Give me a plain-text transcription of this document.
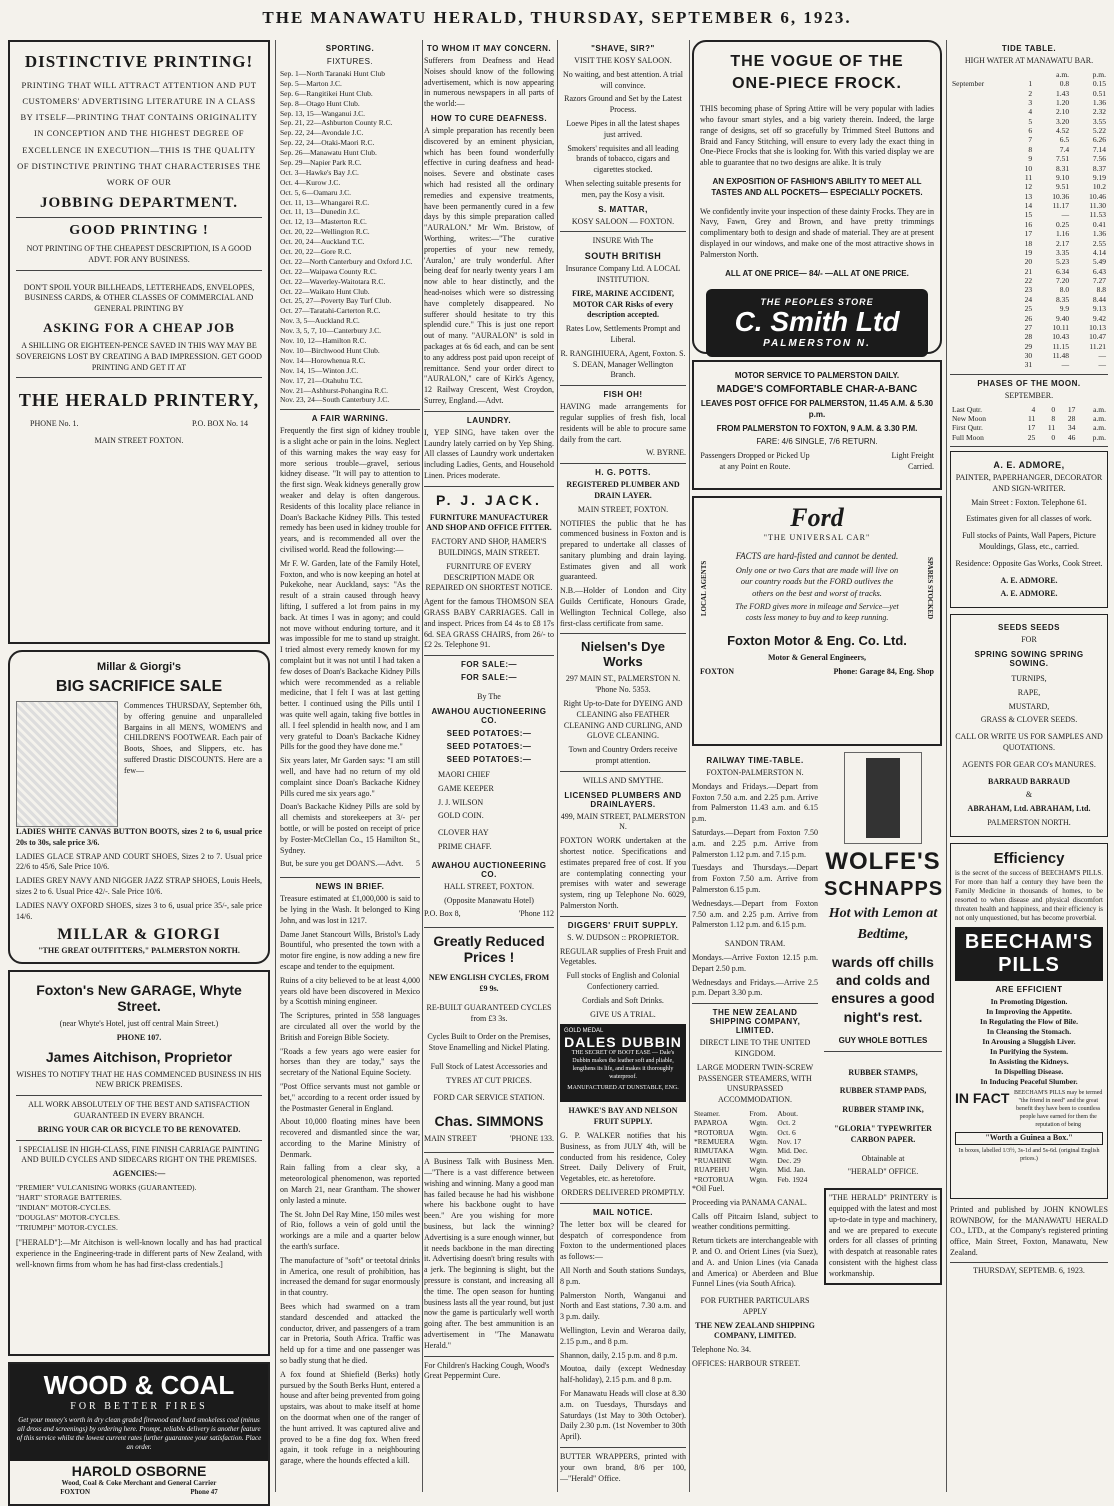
THE MANAWATU HERALD, THURSDAY, SEPTEMBER 6, 1923.
DISTINCTIVE PRINTING!

PRINTING THAT WILL ATTRACT ATTENTION AND PUT CUSTOMERS' ADVERTISING LITERATURE IN A CLASS BY ITSELF—PRINTING THAT CONTAINS ORIGINALITY IN CONCEPTION AND THE HIGHEST DEGREE OF EXCELLENCE IN EXECUTION—THIS IS THE QUALITY OF DISTINCTIVE PRINTING THAT CHARACTERISES THE WORK OF OUR

JOBBING DEPARTMENT.
GOOD PRINTING !

NOT PRINTING OF THE CHEAPEST DESCRIPTION, IS A GOOD ADVT. FOR ANY BUSINESS.

DON'T SPOIL YOUR BILLHEADS, LETTERHEADS, ENVELOPES, BUSINESS CARDS, & OTHER CLASSES OF COMMERCIAL AND GENERAL PRINTING BY

ASKING FOR A CHEAP JOB

A SHILLING OR EIGHTEEN-PENCE SAVED IN THIS WAY MAY BE SOVEREIGNS LOST BY CREATING A BAD IMPRESSION. GET GOOD PRINTING AND GET IT AT

THE HERALD PRINTERY,
PHONE No. 1.	P.O. BOX No. 14

MAIN STREET FOXTON.

Millar & Giorgi's
BIG SACRIFICE SALE

Commences THURSDAY, September 6th, by offering genuine and unparalleled Bargains in all MEN'S, WOMEN'S and CHILDREN'S FOOTWEAR. Each pair of Boots, Shoes, and Slippers, etc. has suffered Drastic DISCOUNTS. Here are a few—

LADIES WHITE CANVAS BUTTON BOOTS, sizes 2 to 6, usual price 20s to 30s, sale price 3/6.

LADIES GLACE STRAP AND COURT SHOES, Sizes 2 to 7. Usual price 22/6 to 45/6, Sale Price 10/6.

LADIES GREY NAVY AND NIGGER JAZZ STRAP SHOES, Louis Heels, sizes 2 to 6. Usual Price 42/-. Sale Price 10/6.

LADIES NAVY OXFORD SHOES, sizes 3 to 6, usual price 35/-, sale price 14/6.

MILLAR & GIORGI

"THE GREAT OUTFITTERS," PALMERSTON NORTH.

Foxton's New GARAGE, Whyte Street.

(near Whyte's Hotel, just off central Main Street.)

PHONE 107.

James Aitchison, Proprietor

WISHES TO NOTIFY THAT HE HAS COMMENCED BUSINESS IN HIS NEW BRICK PREMISES.

ALL WORK ABSOLUTELY OF THE BEST AND SATISFACTION GUARANTEED IN EVERY BRANCH.

BRING YOUR CAR OR BICYCLE TO BE RENOVATED.

I SPECIALISE IN HIGH-CLASS, FINE FINISH CARRIAGE PAINTING AND BUILD CYCLES AND SIDECARS RIGHT ON THE PREMISES.

AGENCIES:—

"PREMIER" VULCANISING WORKS (GUARANTEED).
"HART" STORAGE BATTERIES.
"INDIAN" MOTOR-CYCLES.
"DOUGLAS" MOTOR-CYCLES.
"TRIUMPH" MOTOR-CYCLES.

["HERALD"]:—Mr Aitchison is well-known locally and has had practical experience in the Engineering-trade in different parts of New Zealand, with well-known firms from whom he has had first-class credentials.]

WOOD & COAL
FOR BETTER FIRES

Get your money's worth in dry clean graded firewood and hard smokeless coal (minus all dross and screenings) by ordering here. Prompt, reliable delivery is another feature of this service whilst the lowest current rates further guarantee your satisfaction. Place an order.

HAROLD OSBORNE

Wood, Coal & Coke Merchant and General Carrier

FOXTON	Phone 47
SPORTING.
FIXTURES.
Sep. 1—North Taranaki Hunt Club
Sep. 5—Marton J.C.
Sep. 6—Rangitikei Hunt Club.
Sep. 8—Otago Hunt Club.
Sep. 13, 15—Wanganui J.C.
Sep. 21, 22—Ashburton County R.C.
Sep. 22, 24—Avondale J.C.
Sep. 22, 24—Otaki-Maori R.C.
Sep. 26—Manawatu Hunt Club.
Sep. 29—Napier Park R.C.
Oct. 3—Hawke's Bay J.C.
Oct. 4—Kurow J.C.
Oct. 5, 6—Oamaru J.C.
Oct. 11, 13—Whangarei R.C.
Oct. 11, 13—Dunedin J.C.
Oct. 12, 13—Masterton R.C.
Oct. 20, 22—Wellington R.C.
Oct. 20, 24—Auckland T.C.
Oct. 20, 22—Gore R.C.
Oct. 22—North Canterbury and Oxford J.C.
Oct. 22—Waipawa County R.C.
Oct. 22—Waverley-Waitotara R.C.
Oct. 22—Waikato Hunt Club.
Oct. 25, 27—Poverty Bay Turf Club.
Oct. 27—Taratahi-Carterton R.C.
Nov. 3, 5—Auckland R.C.
Nov. 3, 5, 7, 10—Canterbury J.C.
Nov. 10, 12—Hamilton R.C.
Nov. 10—Birchwood Hunt Club.
Nov. 14—Horowhenua R.C.
Nov. 14, 15—Winton J.C.
Nov. 17, 21—Otahuhu T.C.
Nov. 21—Ashhurst-Pohangina R.C.
Nov. 23, 24—South Canterbury J.C.
A FAIR WARNING.

Frequently the first sign of kidney trouble is a slight ache or pain in the loins. Neglect of this warning makes the way easy for more serious trouble—gravel, serious kidney disease. "It will pay to attention to the first sign. Weak kidneys generally grow weaker and delay is often dangerous. Residents of this locality place reliance in Doan's Backache Kidney Pills. This tested remedy has been used in kidney trouble for years, and is recommended all over the civilised world. Read the following:—

Mr F. W. Garden, late of the Family Hotel, Foxton, and who is now keeping an hotel at Pukekohe, near Auckland, says: "As the result of a strain caused through heavy lifting, I suffered a lot from pains in my back. At times I was in agony; and could not move without enduring torture, and it was impossible for me to stand up straight. I tried almost every remedy known for my complaint but it was not until I had taken a few doses of Doan's Backache Kidney Pills which were recommended as a reliable medicine, that I felt I was at last getting better. I continued using the Pills until I was quite well again, taking five bottles in all. I feel splendid in health now, and I am very grateful to Doan's Backache Kidney Pills for the good they have done me."

Six years later, Mr Garden says: "I am still well, and have had no return of my old complaint since Doan's Backache Kidney Pills cured me six years ago."

Doan's Backache Kidney Pills are sold by all chemists and storekeepers at 3/- per bottle, or will be posted on receipt of price by Foster-McClellan Co., 15 Hamilton St., Sydney.

But, be sure you get DOAN'S.—Advt. 5

NEWS IN BRIEF.

Treasure estimated at £1,000,000 is said to be lying in the Wash. It belonged to King John, and was lost in 1217.

Dame Janet Stancourt Wills, Bristol's Lady Bountiful, who presented the town with a motor fire engine, is now adding a new fire escape and tender to the equipment.

Ruins of a city believed to be at least 4,000 years old have been discovered in Mexico by a Scottish mining engineer.

The Scriptures, printed in 558 languages are circulated all over the world by the British and Foreign Bible Society.

"Roads a few years ago were easier for horses than they are today," says the secretary of the National Equine Society.

"Post Office servants must not gamble or bet," according to a recent order issued by the Postmaster General in England.

About 10,000 floating mines have been recovered and dismantled since the war, according to the Marine Ministry of Denmark.

Rain falling from a clear sky, a meteorological phenomenon, was reported on March 21, near Grantham. The shower only lasted a minute.

The St. John Del Ray Mine, 150 miles west of Rio, follows a vein of gold until the workings are a mile and a quarter below the earth's surface.

The manufacture of "soft" or teetotal drinks in America, one result of prohibition, has increased the demand for sugar enormously in that country.

Bees which had swarmed on a tram standard descended and attacked the conductor, driver, and passengers of a tram car in Pretoria, South Africa. Traffic was held up for a time and one passenger was so badly stung that he died.

A fox found at Shiefield (Berks) hotly pursued by the South Berks Hunt, entered a house and after being prevented from going upstairs, was about to make itself at home on the doormat when one of the ranger of the hunt arrived. It was captured alive and proved to be a fine dog fox. When freed again, it took refuge in a neighbouring garage, where the hounds effected a kill.

TO WHOM IT MAY CONCERN.

Sufferers from Deafness and Head Noises should know of the following advertisement, which is now appearing in numerous newspapers in all parts of the world:—

HOW TO CURE DEAFNESS.

A simple preparation has recently been discovered by an eminent physician, which has been found wonderfully effective in curing deafness and head-noises. Severe and obstinate cases which had resisted all the ordinary remedies and expensive treatments, have been permanently cured in a few days by this simple preparation called "AURALON." Mr Wm. Bristow, of Worthing, writes:—"The curative properties of your new remedy, 'Auralon,' are truly wonderful. After being deaf for nearly twenty years I am now able to hear distinctly, and the head-noises which were so distressing have completely disappeared. No sufferer should hesitate to try this splendid cure." This is just one report out of many. "AURALON" is sold in packages at 6s 6d each, and can be sent to any address post paid upon receipt of remittance. Send your order direct to "AURALON," care of Kirk's Agency, 12 Railway Crescent, West Croydon, Surrey, England.—Advt.

LAUNDRY.

I, YEP SING, have taken over the Laundry lately carried on by Yep Shing. All classes of Laundry work undertaken including Ladies, Gents, and Household Linen. Prices moderate.

P. J. JACK.

FURNITURE MANUFACTURER AND SHOP AND OFFICE FITTER.

FACTORY AND SHOP, HAMER'S BUILDINGS, MAIN STREET.

FURNITURE OF EVERY DESCRIPTION MADE OR REPAIRED ON SHORTEST NOTICE.

Agent for the famous THOMSON SEA GRASS BABY CARRIAGES. Call in and inspect. Prices from £4 4s to £8 17s 6d. SEA GRASS CHAIRS, from 26/- to £2 2s. Telephone 91.

FOR SALE:—
FOR SALE:—

By The

AWAHOU AUCTIONEERING CO.
SEED POTATOES:—
SEED POTATOES:—
SEED POTATOES:—

MAORI CHIEF

GAME KEEPER

J. J. WILSON

GOLD COIN.

CLOVER HAY

PRIME CHAFF.

AWAHOU AUCTIONEERING CO.

HALL STREET, FOXTON.

(Opposite Manawatu Hotel)

P.O. Box 8,	'Phone 112
Greatly Reduced Prices !

NEW ENGLISH CYCLES, FROM £9 9s.

RE-BUILT GUARANTEED CYCLES from £3 3s.

Cycles Built to Order on the Premises, Stove Enamelling and Nickel Plating.

Full Stock of Latest Accessories and

TYRES AT CUT PRICES.

FORD CAR SERVICE STATION.

Chas. SIMMONS
MAIN STREET	'PHONE 133.

A Business Talk with Business Men.—"There is a vast difference between wishing and winning. Many a good man has failed because he had his wishbone where his backbone ought to have been." Are you wishing for more business, but lack the winning? Advertising is a sure enough winner, but it needs backbone in the man directing it. Advertising doesn't bring results with a jerk. The beginning is slight, but the pressure is constant, and increasing all the time. The open season for hunting business lasts all the year round, but just now the game is particularly well worth going after. The best ammunition is an advertisement in "The Manawatu Herald."

For Children's Hacking Cough, Wood's Great Peppermint Cure.

"SHAVE, SIR?"

VISIT THE KOSY SALOON.

No waiting, and best attention. A trial will convince.

Razors Ground and Set by the Latest Process.

Loewe Pipes in all the latest shapes just arrived.

Smokers' requisites and all leading brands of tobacco, cigars and cigarettes stocked.

When selecting suitable presents for men, pay the Kosy a visit.

S. MATTAR,

KOSY SALOON — FOXTON.

INSURE With The

SOUTH BRITISH

Insurance Company Ltd. A LOCAL INSTITUTION.

FIRE, MARINE ACCIDENT, MOTOR CAR Risks of every description accepted.

Rates Low, Settlements Prompt and Liberal.

R. RANGIHIUERA, Agent, Foxton. S. S. DEAN, Manager Wellington Branch.

FISH OH!

HAVING made arrangements for regular supplies of fresh fish, local residents will be able to procure same daily from the cart.

W. BYRNE.

H. G. POTTS.

REGISTERED PLUMBER AND DRAIN LAYER.

MAIN STREET, FOXTON.

NOTIFIES the public that he has commenced business in Foxton and is prepared to undertake all classes of sanitary plumbing and drain laying. Estimates given and all work guaranteed.

N.B.—Holder of London and City Guilds Certificate, Honours Grade, Wellington Technical College, also first-class certificate from same.

Nielsen's Dye Works

297 MAIN ST., PALMERSTON N. 'Phone No. 5353.

Right Up-to-Date for DYEING AND CLEANING also FEATHER CLEANING AND CURLING, AND GLOVE CLEANING.

Town and Country Orders receive prompt attention.

WILLS AND SMYTHE.

LICENSED PLUMBERS AND DRAINLAYERS.

499, MAIN STREET, PALMERSTON N.

FOXTON WORK undertaken at the shortest notice. Specifications and estimates prepared free of cost. If you are contemplating connecting your premises with water and sewerage system, ring up Telephone No. 6029, Palmerston North.

DIGGERS' FRUIT SUPPLY.

S. W. DUDSON :: PROPRIETOR.

REGULAR supplies of Fresh Fruit and Vegetables.

Full stocks of English and Colonial Confectionery carried.

Cordials and Soft Drinks.

GIVE US A TRIAL.

GOLD MEDAL
DALES DUBBIN

THE SECRET OF BOOT EASE — Dale's Dubbin makes the leather soft and pliable, lengthens its life, and makes it thoroughly waterproof.

MANUFACTURED AT DUNSTABLE, ENG.

HAWKE'S BAY AND NELSON FRUIT SUPPLY.

G. P. WALKER notifies that his Business, as from JULY 4th, will be conducted from his residence, Coley Street. Daily Delivery of Fruit, Vegetables, etc. as heretofore.

ORDERS DELIVERED PROMPTLY.

MAIL NOTICE.

The letter box will be cleared for despatch of correspondence from Foxton to the undermentioned places as follows:—

All North and South stations Sundays, 8 p.m.

Palmerston North, Wanganui and North and East stations, 7.30 a.m. and 3 p.m. daily.

Wellington, Levin and Weraroa daily, 2.15 p.m., and 8 p.m.

Shannon, daily, 2.15 p.m. and 8 p.m.

Moutoa, daily (except Wednesday half-holiday), 2.15 p.m. and 8 p.m.

For Manawatu Heads will close at 8.30 a.m. on Tuesdays, Thursdays and Saturdays (1st May to 30th October). Daily 2.30 p.m. (1st November to 30th April).

BUTTER WRAPPERS, printed with your own brand, 8/6 per 100, —"Herald" Office.

THE VOGUE OF THE ONE-PIECE FROCK.

THIS becoming phase of Spring Attire will be very popular with ladies who favour smart styles, and a big variety therein. Indeed, the large range of designs, set off so gracefully by Trimmed Steel Buttons and Braid and Fancy Stitching, will ensure to every lady the exact thing in One-Piece Frocks that she is looking for. With this varied display we are able to guarantee that no two designs are alike. It is truly

AN EXPOSITION OF FASHION'S ABILITY TO MEET ALL TASTES AND ALL POCKETS— ESPECIALLY POCKETS.

We confidently invite your inspection of these dainty Frocks. They are in Navy, Fawn, Grey and Brown, and have pretty trimmings complimentary both to design and shade of material. They are at present displayed in our windows, and make one of the most attractive shows in Palmerston North.

ALL AT ONE PRICE— 84/- —ALL AT ONE PRICE.

THE PEOPLES STORE
C. Smith Ltd
PALMERSTON N.
MOTOR SERVICE TO PALMERSTON DAILY.
MADGE'S COMFORTABLE CHAR-A-BANC

LEAVES POST OFFICE FOR PALMERSTON, 11.45 A.M. & 5.30 p.m.

FROM PALMERSTON TO FOXTON, 9 A.M. & 3.30 P.M.

FARE: 4/6 SINGLE, 7/6 RETURN.

Passengers Dropped or Picked Up at any Point en Route.
Light Freight Carried.
Ford

"THE UNIVERSAL CAR"

LOCAL AGENTS

FACTS are hard-fisted and cannot be dented.

Only one or two Cars that are made will live on our country roads but the FORD outlives the others on the best and worst of tracks.

The FORD gives more in mileage and Service—yet costs less money to buy and to keep running.

SPARES STOCKED
Foxton Motor & Eng. Co. Ltd.

Motor & General Engineers,

FOXTON	Phone: Garage 84, Eng. Shop
RAILWAY TIME-TABLE.

FOXTON-PALMERSTON N.

Mondays and Fridays.—Depart from Foxton 7.50 a.m. and 2.25 p.m. Arrive from Palmerston 11.43 a.m. and 6.15 p.m.

Saturdays.—Depart from Foxton 7.50 a.m. and 2.25 p.m. Arrive from Palmerston 1.12 p.m. and 7.15 p.m.

Tuesdays and Thursdays.—Depart from Foxton 7.50 a.m. Arrive from Palmerston 6.15 p.m.

Wednesdays.—Depart from Foxton 7.50 a.m. and 2.25 p.m. Arrive from Palmerston 1.12 p.m. and 6.15 p.m.

SANDON TRAM.

Mondays.—Arrive Foxton 12.15 p.m. Depart 2.50 p.m.

Wednesdays and Fridays.—Arrive 2.5 p.m. Depart 3.30 p.m.

THE NEW ZEALAND SHIPPING COMPANY, LIMITED.

DIRECT LINE TO THE UNITED KINGDOM.

LARGE MODERN TWIN-SCREW PASSENGER STEAMERS, WITH UNSURPASSED ACCOMMODATION.

Steamer.	From.	About.
PAPAROA	Wgtn.	Oct. 2
*ROTORUA	Wgtn.	Oct. 6
*REMUERA	Wgtn.	Nov. 17
RIMUTAKA	Wgtn.	Mid. Dec.
*RUAHINE	Wgtn.	Dec. 29
RUAPEHU	Wgtn.	Mid. Jan.
*ROTORUA	Wgtn.	Feb. 1924

*Oil Fuel.

Proceeding via PANAMA CANAL.

Calls off Pitcairn Island, subject to weather conditions permitting.

Return tickets are interchangeable with P. and O. and Orient Lines (via Suez), and A. and Union Lines (via Canada and America) or Aberdeen and Blue Funnel Lines (via South Africa).

FOR FURTHER PARTICULARS APPLY

THE NEW ZEALAND SHIPPING COMPANY, LIMITED.

Telephone No. 34.

OFFICES: HARBOUR STREET.

WOLFE'S
SCHNAPPS

Hot with Lemon at Bedtime,

wards off chills and colds and ensures a good night's rest.

GUY WHOLE BOTTLES

RUBBER STAMPS,

RUBBER STAMP PADS,

RUBBER STAMP INK,

"GLORIA" TYPEWRITER CARBON PAPER.

Obtainable at

"HERALD" OFFICE.

"THE HERALD" PRINTERY is equipped with the latest and most up-to-date in type and machinery, and we are prepared to execute orders for all classes of printing with despatch at reasonable rates consistent with the highest class workmanship.

TIDE TABLE.

HIGH WATER AT MANAWATU BAR.

		a.m.	p.m.
September	1	0.8	0.15
	2	1.43	0.51
	3	1.20	1.36
	4	2.10	2.32
	5	3.20	3.55
	6	4.52	5.22
	7	6.5	6.26
	8	7.4	7.14
	9	7.51	7.56
	10	8.31	8.37
	11	9.10	9.19
	12	9.51	10.2
	13	10.36	10.46
	14	11.17	11.30
	15	—	11.53
	16	0.25	0.41
	17	1.16	1.36
	18	2.17	2.55
	19	3.35	4.14
	20	5.23	5.49
	21	6.34	6.43
	22	7.20	7.27
	23	8.0	8.8
	24	8.35	8.44
	25	9.9	9.13
	26	9.40	9.42
	27	10.11	10.13
	28	10.43	10.47
	29	11.15	11.21
	30	11.48	—
	31	—	—
PHASES OF THE MOON.

SEPTEMBER.

Last Qutr.	4	0	17	a.m.
New Moon	11	8	28	a.m.
First Qutr.	17	11	34	a.m.
Full Moon	25	0	46	p.m.
A. E. ADMORE,

PAINTER, PAPERHANGER, DECORATOR AND SIGN-WRITER.

Main Street : Foxton. Telephone 61.

Estimates given for all classes of work.

Full stocks of Paints, Wall Papers, Picture Mouldings, Glass, etc., carried.

Residence: Opposite Gas Works, Cook Street.

A. E. ADMORE.

A. E. ADMORE.

SEEDS SEEDS

FOR

SPRING SOWING SPRING SOWING.

TURNIPS,

RAPE,

MUSTARD,

GRASS & CLOVER SEEDS.

CALL OR WRITE US FOR SAMPLES AND QUOTATIONS.

AGENTS FOR GEAR CO's MANURES.

BARRAUD BARRAUD

&

ABRAHAM, Ltd. ABRAHAM, Ltd.

PALMERSTON NORTH.

Efficiency

is the secret of the success of BEECHAM'S PILLS. For more than half a century they have been the Family Medicine in thousands of homes, to be resorted to when disease and physical discomfort threaten health and happiness, and their efficiency is not only unquestioned, but has become proverbial.

BEECHAM'S PILLS
ARE EFFICIENT
In Promoting Digestion.
In Improving the Appetite.
In Regulating the Flow of Bile.
In Cleansing the Stomach.
In Arousing a Sluggish Liver.
In Purifying the System.
In Assisting the Kidneys.
In Dispelling Disease.
In Inducing Peaceful Slumber.
IN FACT BEECHAM'S PILLS may be termed "the friend in need" and the great benefit they have been to countless people have earned for them the reputation of being

"Worth a Guinea a Box."

In boxes, labelled 1/3½, 3s-1d and 5s-6d. (original English prices.)

Printed and published by JOHN KNOWLES ROWNBOW, for the MANAWATU HERALD CO., LTD., at the Company's registered printing office, Main Street, Foxton, Manawatu, New Zealand.

THURSDAY, SEPTEMB. 6, 1923.
